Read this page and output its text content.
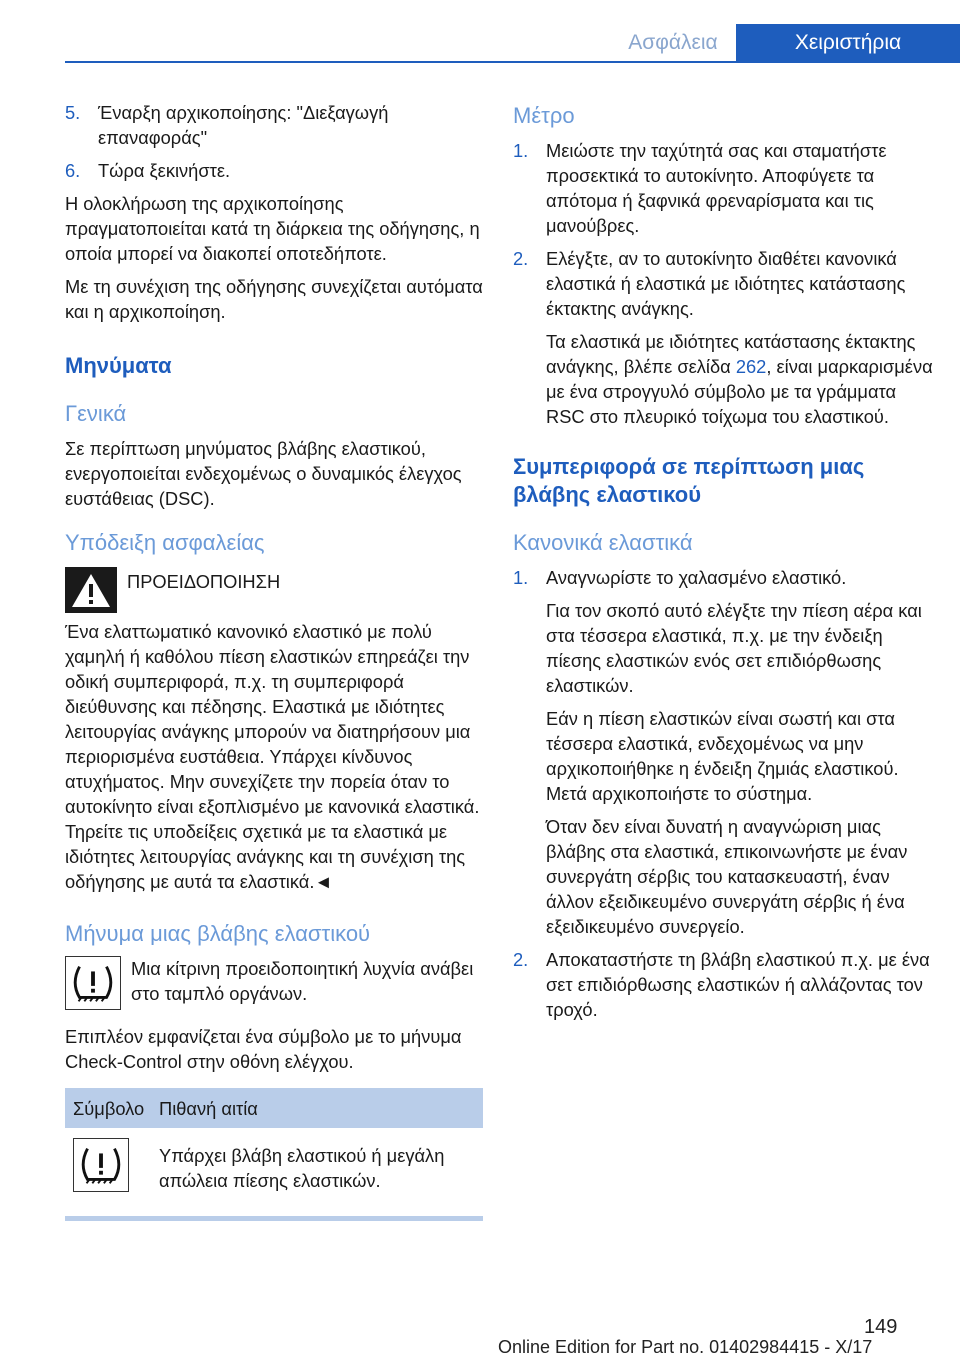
Ασφάλεια	Χειριστήρια
5. Έναρξη αρχικοποίησης: "Διεξαγωγή επαναφοράς"
6. Τώρα ξεκινήστε.

Η ολοκλήρωση της αρχικοποίησης πραγματοποιείται κατά τη διάρκεια της οδήγησης, η οποία μπορεί να διακοπεί οποτεδήποτε.

Με τη συνέχιση της οδήγησης συνεχίζεται αυτόματα και η αρχικοποίηση.

Μηνύματα
Γενικά

Σε περίπτωση μηνύματος βλάβης ελαστικού, ενεργοποιείται ενδεχομένως ο δυναμικός έλεγχος ευστάθειας (DSC).

Υπόδειξη ασφαλείας
ΠΡΟΕΙΔΟΠΟΙΗΣΗ

Ένα ελαττωματικό κανονικό ελαστικό με πολύ χαμηλή ή καθόλου πίεση ελαστικών επηρεάζει την οδική συμπεριφορά, π.χ. τη συμπεριφορά διεύθυνσης και πέδησης. Ελαστικά με ιδιότητες λειτουργίας ανάγκης μπορούν να διατηρήσουν μια περιορισμένα ευστάθεια. Υπάρχει κίνδυνος ατυχήματος. Μην συνεχίζετε την πορεία όταν το αυτοκίνητο είναι εξοπλισμένο με κανονικά ελαστικά. Τηρείτε τις υποδείξεις σχετικά με τα ελαστικά με ιδιότητες λειτουργίας ανάγκης και τη συνέχιση της οδήγησης με αυτά τα ελαστικά.◄

Μήνυμα μιας βλάβης ελαστικού
Μια κίτρινη προειδοποιητική λυχνία ανάβει στο ταμπλό οργάνων.

Επιπλέον εμφανίζεται ένα σύμβολο με το μήνυμα Check-Control στην οθόνη ελέγχου.

Σύμβολο	Πιθανή αιτία
	Υπάρχει βλάβη ελαστικού ή μεγάλη απώλεια πίεσης ελαστικών.
Μέτρο
1. Μειώστε την ταχύτητά σας και σταματήστε προσεκτικά το αυτοκίνητο. Αποφύγετε τα απότομα ή ξαφνικά φρεναρίσματα και τις μανούβρες.
2. Ελέγξτε, αν το αυτοκίνητο διαθέτει κανονικά ελαστικά ή ελαστικά με ιδιότητες κατάστασης έκτακτης ανάγκης.

Τα ελαστικά με ιδιότητες κατάστασης έκτακτης ανάγκης, βλέπε σελίδα 262, είναι μαρκαρισμένα με ένα στρογγυλό σύμβολο με τα γράμματα RSC στο πλευρικό τοίχωμα του ελαστικού.

Συμπεριφορά σε περίπτωση μιας βλάβης ελαστικού
Κανονικά ελαστικά
1. Αναγνωρίστε το χαλασμένο ελαστικό.

Για τον σκοπό αυτό ελέγξτε την πίεση αέρα και στα τέσσερα ελαστικά, π.χ. με την ένδειξη πίεσης ελαστικών ενός σετ επιδιόρθωσης ελαστικών.

Εάν η πίεση ελαστικών είναι σωστή και στα τέσσερα ελαστικά, ενδεχομένως να μην αρχικοποιήθηκε η ένδειξη ζημιάς ελαστικού. Μετά αρχικοποιήστε το σύστημα.

Όταν δεν είναι δυνατή η αναγνώριση μιας βλάβης στα ελαστικά, επικοινωνήστε με έναν συνεργάτη σέρβις του κατασκευαστή, έναν άλλον εξειδικευμένο συνεργάτη σέρβις ή ένα εξειδικευμένο συνεργείο.

2. Αποκαταστήστε τη βλάβη ελαστικού π.χ. με ένα σετ επιδιόρθωσης ελαστικών ή αλλάζοντας τον τροχό.
149
Online Edition for Part no. 01402984415 - X/17
